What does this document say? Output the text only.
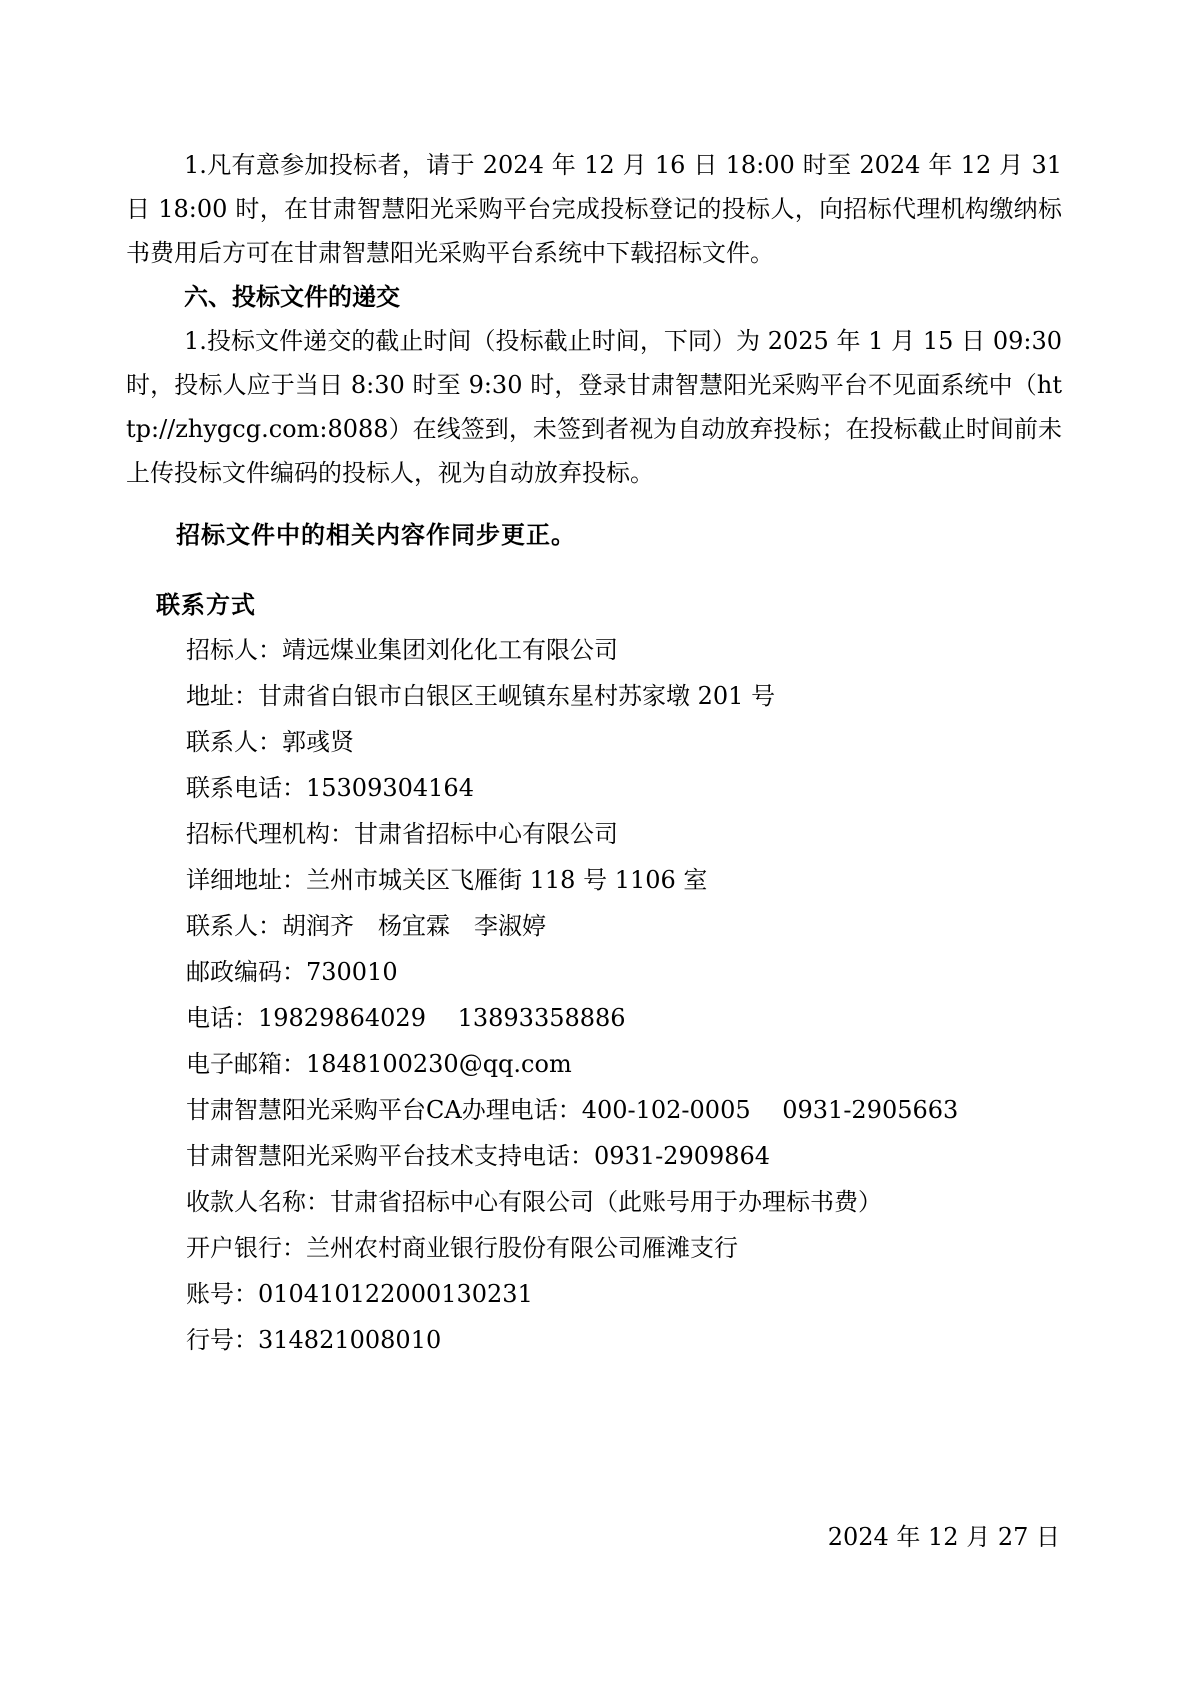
1.凡有意参加投标者，请于 2024 年 12 月 16 日 18:00 时至 2024 年 12 月 31 日 18:00 时，在甘肃智慧阳光采购平台完成投标登记的投标人，向招标代理机构缴纳标书费用后方可在甘肃智慧阳光采购平台系统中下载招标文件。

六、投标文件的递交

1.投标文件递交的截止时间（投标截止时间，下同）为 2025 年 1 月 15 日 09:30 时，投标人应于当日 8:30 时至 9:30 时，登录甘肃智慧阳光采购平台不见面系统中（http://zhygcg.com:8088）在线签到，未签到者视为自动放弃投标；在投标截止时间前未上传投标文件编码的投标人，视为自动放弃投标。

招标文件中的相关内容作同步更正。

联系方式
招标人：靖远煤业集团刘化化工有限公司
地址：甘肃省白银市白银区王岘镇东星村苏家墩 201 号
联系人：郭彧贤
联系电话：15309304164
招标代理机构：甘肃省招标中心有限公司
详细地址：兰州市城关区飞雁街 118 号 1106 室
联系人：胡润齐　杨宜霖　李淑婷
邮政编码：730010
电话：19829864029　 13893358886
电子邮箱：1848100230@qq.com
甘肃智慧阳光采购平台CA办理电话：400-102-0005　 0931-2905663
甘肃智慧阳光采购平台技术支持电话：0931-2909864
收款人名称：甘肃省招标中心有限公司（此账号用于办理标书费）
开户银行：兰州农村商业银行股份有限公司雁滩支行
账号：010410122000130231
行号：314821008010

2024 年 12 月 27 日
